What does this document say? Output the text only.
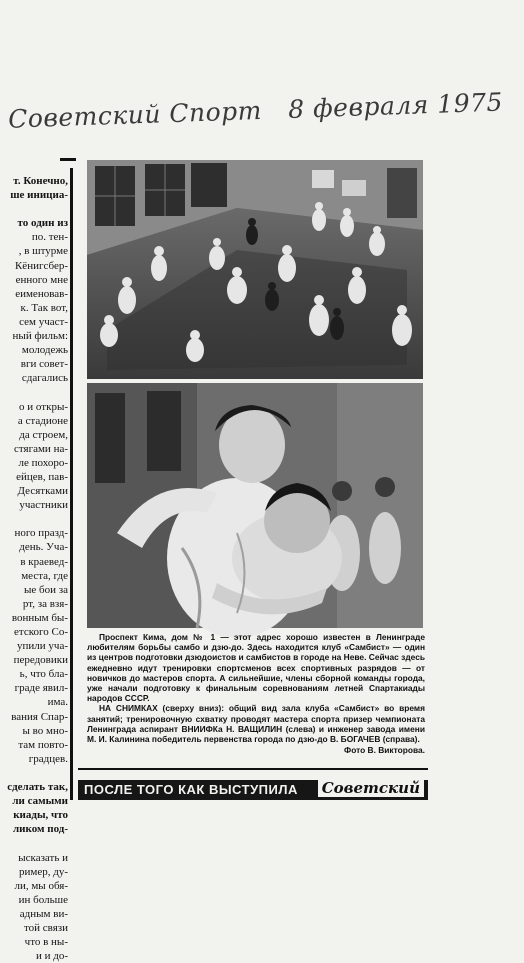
Советский Спорт 8 февраля 1975
т. Конечно,
ше инициа-

то один из
по. тен-
, в штурме
Кёнигсбер-
енного мне
еименовав-
к. Так вот,
сем участ-
ный фильм:
молодежь
вги совет-
сдагались

о и откры-
а стадионе
да строем,
стягами на-
ле похоро-
ейцев, пав-
Десятками
участники

ного празд-
день. Уча-
в краевед-
места, где
ые бои за
рт, за взя-
вонным бы-
етского Со-
упили уча-
передовики
ь, что бла-
граде явил-
има.
вания Спар-
ы во мно-
там повто-
градцев.

сделать так,
ли самыми
киады, что
ликом под-

ысказать и
ример, ду-
ли, мы обя-
ин больше
адным ви-
той связи
что в ны-
и и до-

Проспект Кима, дом № 1 — этот адрес хорошо известен в Ленинграде любителям борьбы самбо и дзю-до. Здесь находится клуб «Самбист» — один из центров подготовки дзюдоистов и самбистов в городе на Неве. Сейчас здесь ежедневно идут тренировки спортсменов всех спортивных разрядов — от новичков до мастеров спорта. А сильнейшие, члены сборной команды города, уже начали подготовку к финальным соревнованиям летней Спартакиады народов СССР.

НА СНИМКАХ (сверху вниз): общий вид зала клуба «Самбист» во время занятий; тренировочную схватку проводят мастера спорта призер чемпионата Ленинграда аспирант ВНИИФКа Н. ВАЩИЛИН (слева) и инженер завода имени М. И. Калинина победитель первенства города по дзю-до В. БОГАЧЕВ (справа).

Фото В. Викторова.
ПОСЛЕ ТОГО КАК ВЫСТУПИЛА Советский
